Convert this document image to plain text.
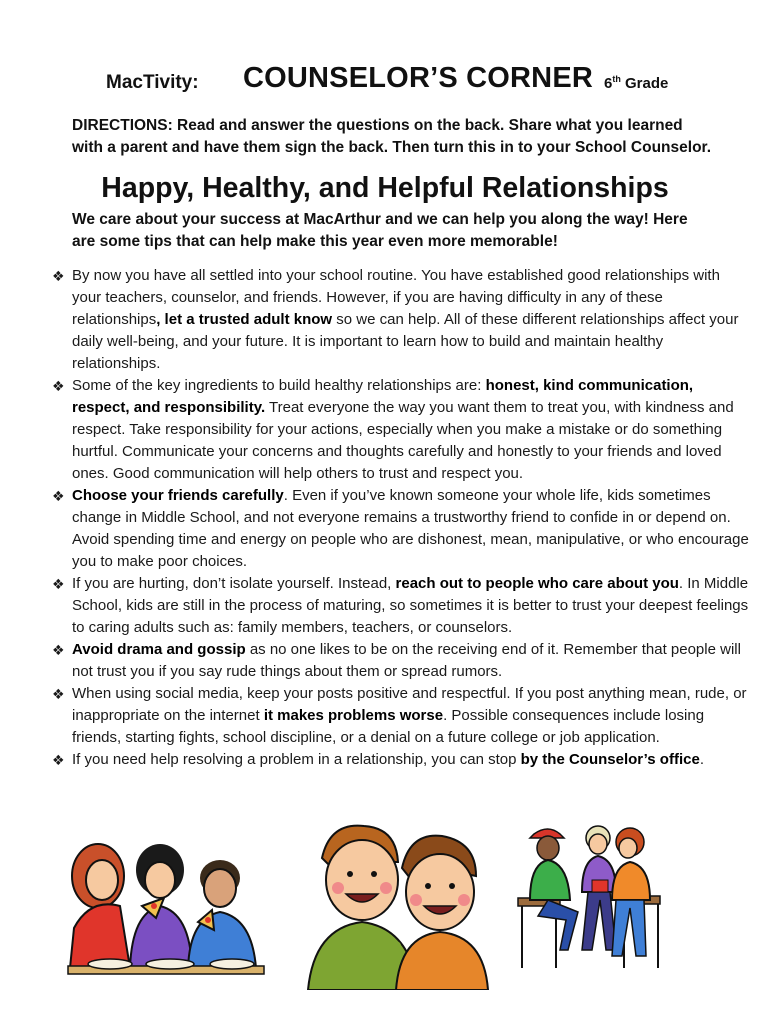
MacTivity: COUNSELOR’S CORNER 6th Grade
DIRECTIONS: Read and answer the questions on the back. Share what you learned with a parent and have them sign the back. Then turn this in to your School Counselor.
Happy, Healthy, and Helpful Relationships
We care about your success at MacArthur and we can help you along the way! Here are some tips that can help make this year even more memorable!
❖ By now you have all settled into your school routine. You have established good relationships with your teachers, counselor, and friends. However, if you are having difficulty in any of these relationships, let a trusted adult know so we can help. All of these different relationships affect your daily well-being, and your future. It is important to learn how to build and maintain healthy relationships.
❖ Some of the key ingredients to build healthy relationships are: honest, kind communication, respect, and responsibility. Treat everyone the way you want them to treat you, with kindness and respect. Take responsibility for your actions, especially when you make a mistake or do something hurtful. Communicate your concerns and thoughts carefully and honestly to your friends and loved ones. Good communication will help others to trust and respect you.
❖ Choose your friends carefully. Even if you’ve known someone your whole life, kids sometimes change in Middle School, and not everyone remains a trustworthy friend to confide in or depend on. Avoid spending time and energy on people who are dishonest, mean, manipulative, or who encourage you to make poor choices.
❖ If you are hurting, don’t isolate yourself. Instead, reach out to people who care about you. In Middle School, kids are still in the process of maturing, so sometimes it is better to trust your deepest feelings to caring adults such as: family members, teachers, or counselors.
❖ Avoid drama and gossip as no one likes to be on the receiving end of it. Remember that people will not trust you if you say rude things about them or spread rumors.
❖ When using social media, keep your posts positive and respectful. If you post anything mean, rude, or inappropriate on the internet it makes problems worse. Possible consequences include losing friends, starting fights, school discipline, or a denial on a future college or job application.
❖ If you need help resolving a problem in a relationship, you can stop by the Counselor’s office.
